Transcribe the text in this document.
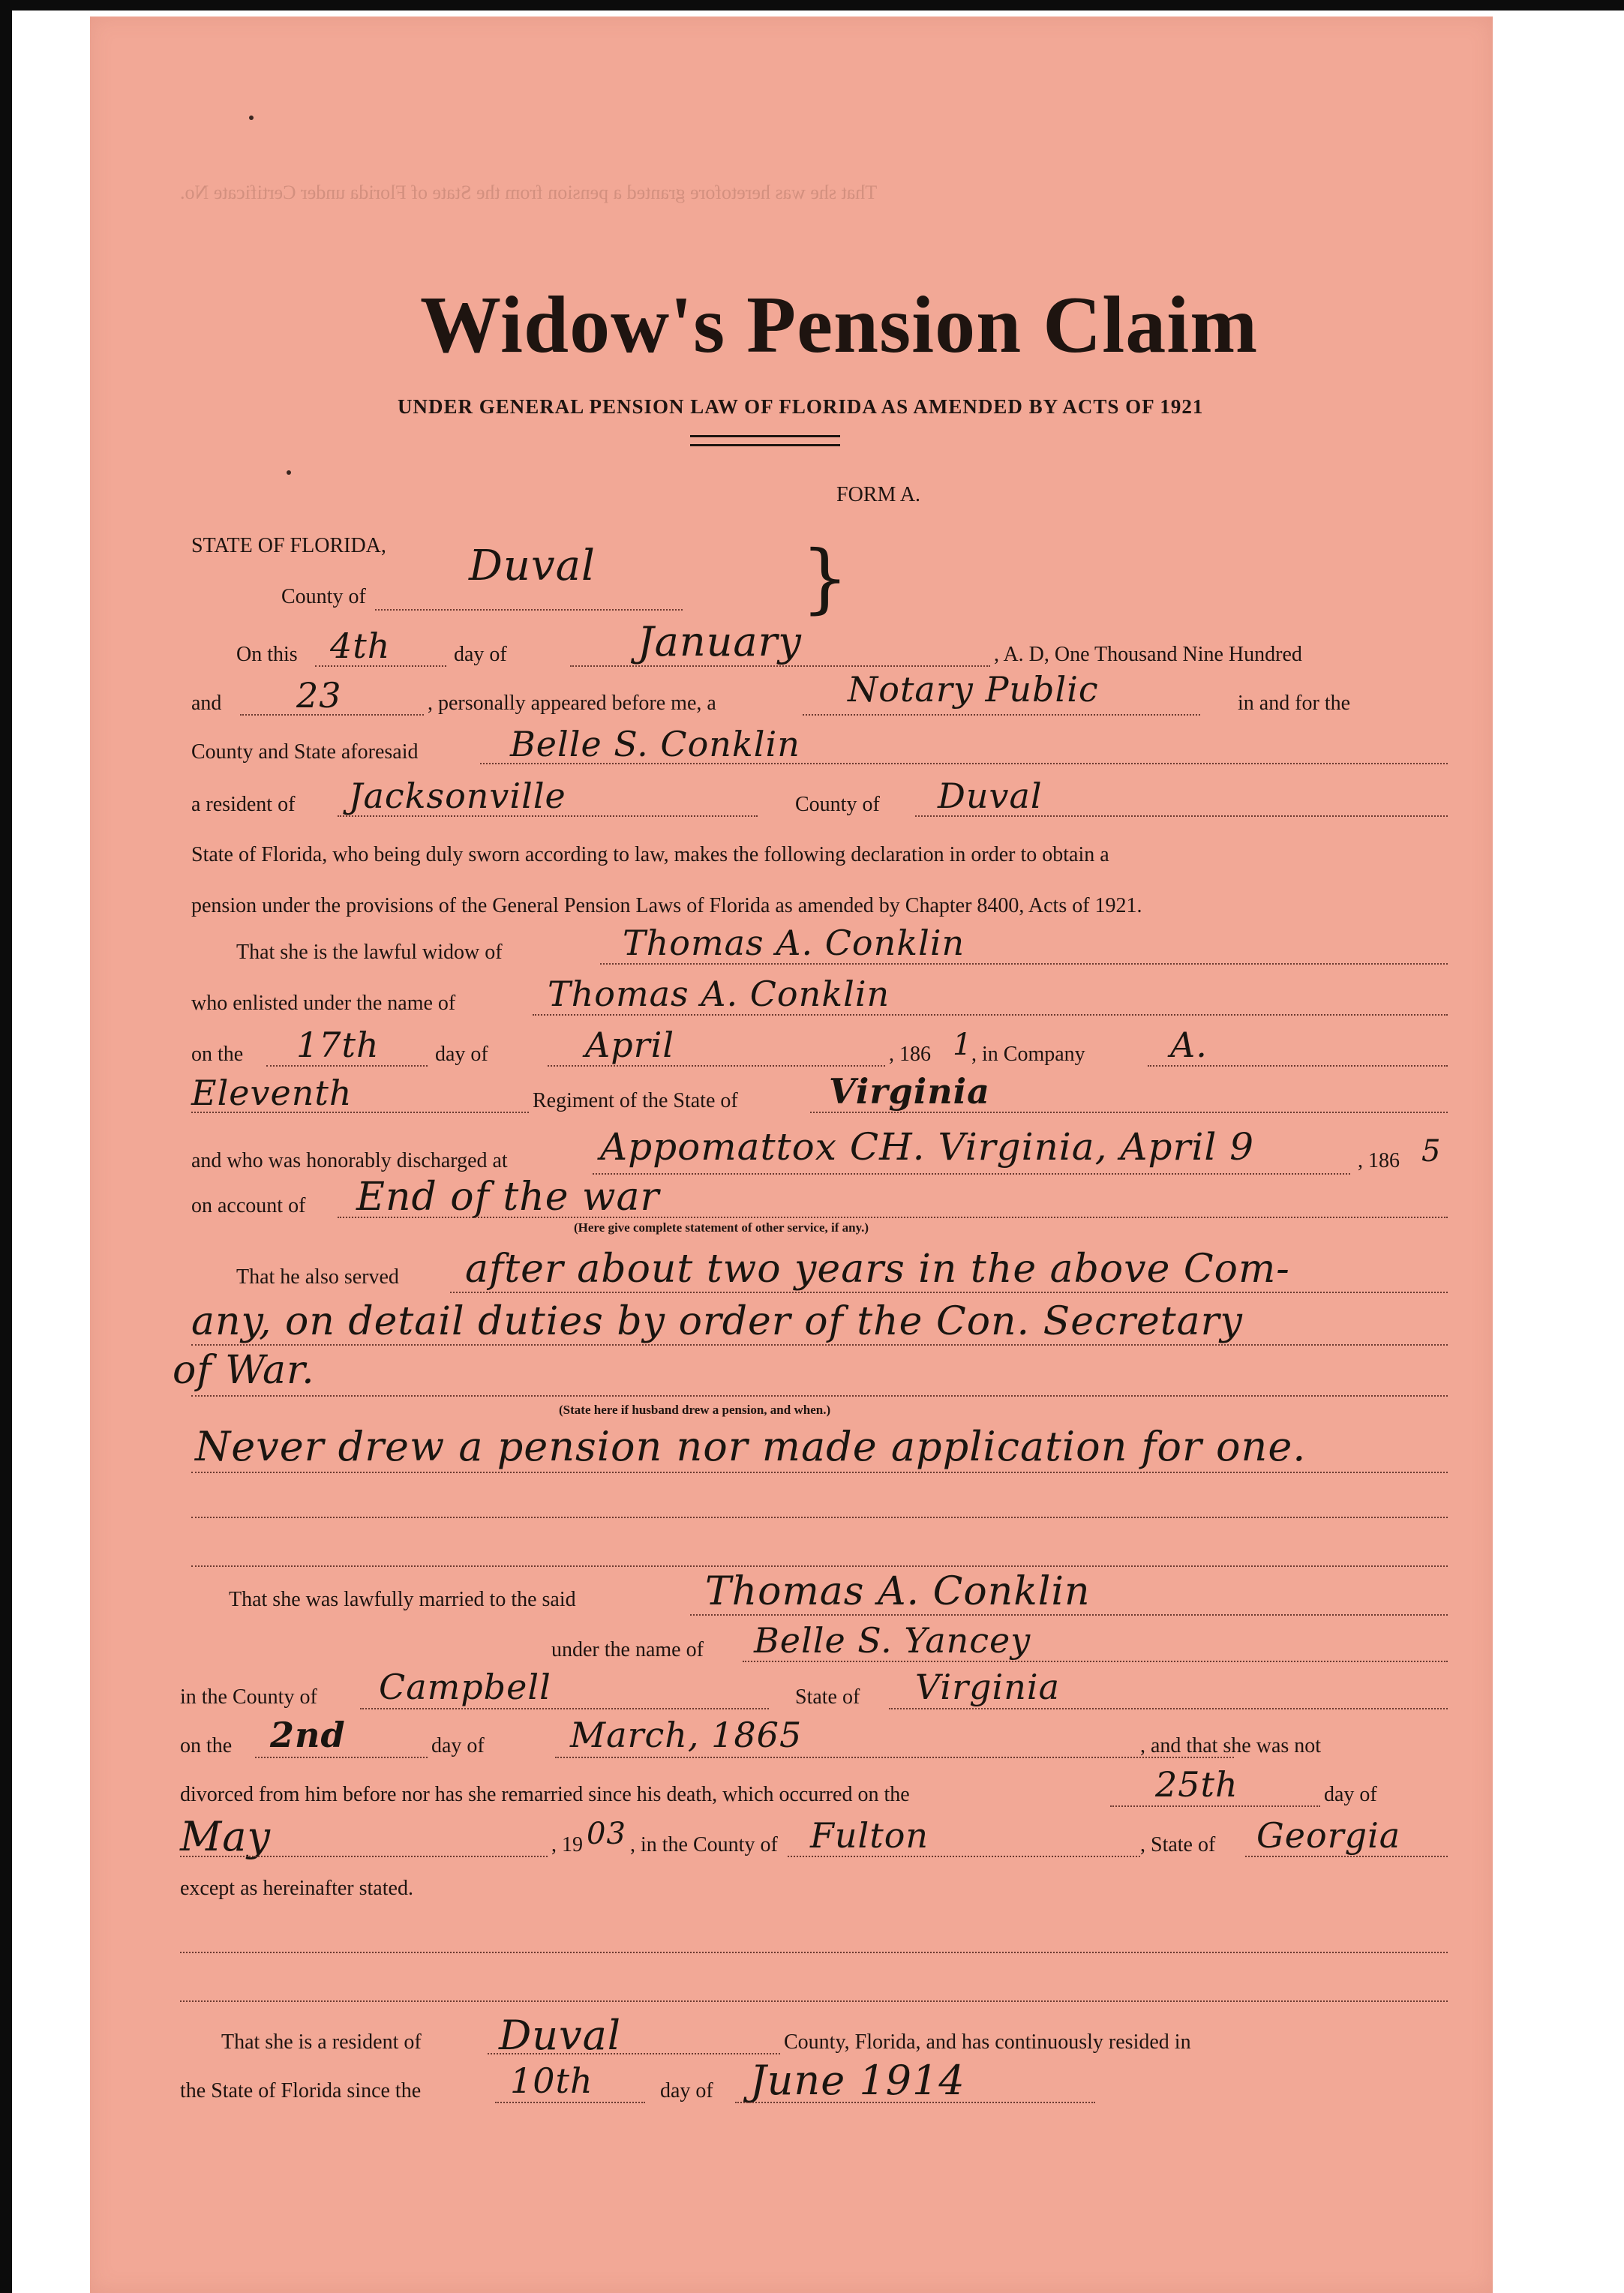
That she was heretofore granted a pension from the State of Florida under Certificate No.
Widow's Pension Claim
UNDER GENERAL PENSION LAW OF FLORIDA AS AMENDED BY ACTS OF 1921
FORM A.
STATE OF FLORIDA,
County of
Duval	}
On this 4th	day of	January	, A. D, One Thousand Nine Hundred
and 23	, personally appeared before me, a	Notary Public	in and for the
County and State aforesaid	Belle S. Conklin
a resident of Jacksonville	County of Duval
State of Florida, who being duly sworn according to law, makes the following declaration in order to obtain a
pension under the provisions of the General Pension Laws of Florida as amended by Chapter 8400, Acts of 1921.
That she is the lawful widow of	Thomas A. Conklin
who enlisted under the name of	Thomas A. Conklin
on the 17th	day of	April	, 186 1
, in Company A.
Eleventh	Regiment of the State of	Virginia
and who was honorably discharged at Appomattox CH. Virginia, April 9	, 186 5
on account of End of the war
(Here give complete statement of other service, if any.)
That he also served after about two years in the above Com-
any, on detail duties by order of the Con. Secretary
of War.
(State here if husband drew a pension, and when.)
Never drew a pension nor made application for one.
That she was lawfully married to the said	Thomas A. Conklin
under the name of Belle S. Yancey
in the County of Campbell	State of Virginia
on the 2nd	day of March, 1865	, and that she was not
divorced from him before nor has she remarried since his death, which occurred on the	25th	day of
May	, 19 03 , in the County of Fulton	, State of Georgia
except as hereinafter stated.
That she is a resident of Duval	County, Florida, and has continuously resided in
the State of Florida since the	10th	day of June 1914
